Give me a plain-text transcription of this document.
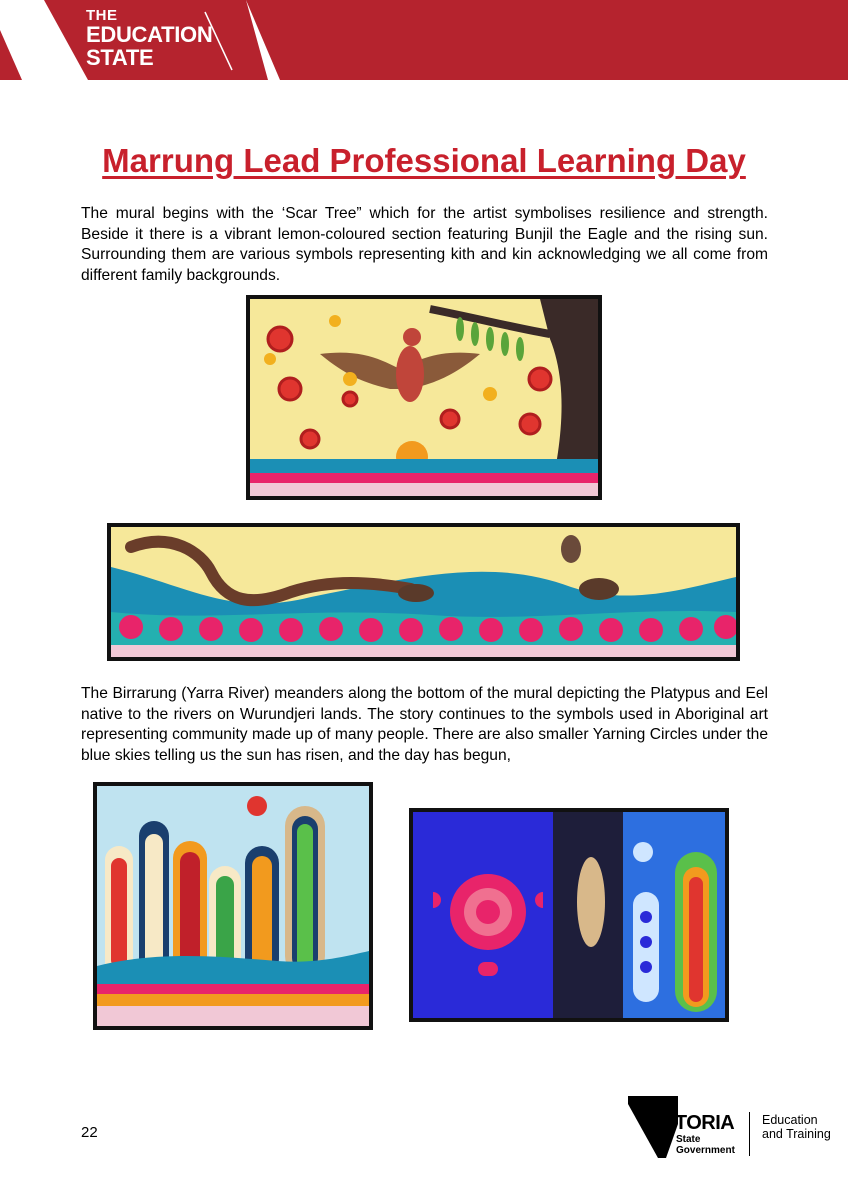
THE
EDUCATION
STATE
Marrung Lead Professional Learning Day

The mural begins with the ‘Scar Tree” which for the artist symbolises resilience and strength. Beside it there is a vibrant lemon-coloured section featuring Bunjil the Eagle and the rising sun. Surrounding them are various symbols representing kith and kin acknowledging we all come from different family backgrounds.

The Birrarung (Yarra River) meanders along the bottom of the mural depicting the Platypus and Eel native to the rivers on Wurundjeri lands. The story continues to the symbols used in Aboriginal art representing community made up of many people. There are also smaller Yarning Circles under the blue skies telling us the sun has risen, and the day has begun,

22	VICTORIA
State
Government
Education
and Training
